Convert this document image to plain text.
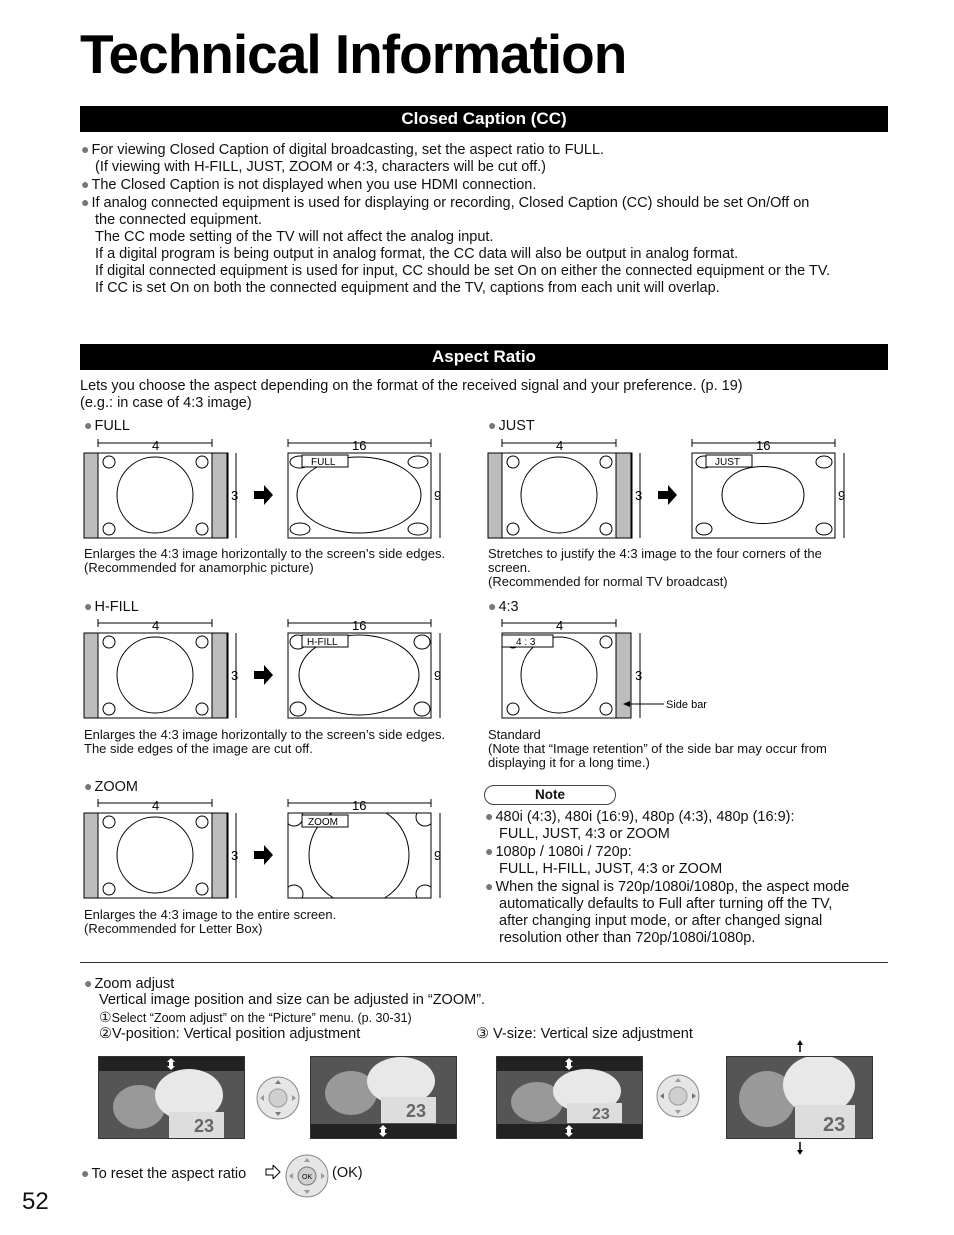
Technical Information
Closed Caption (CC)
● For viewing Closed Caption of digital broadcasting, set the aspect ratio to FULL.
(If viewing with H-FILL, JUST, ZOOM or 4:3, characters will be cut off.)
● The Closed Caption is not displayed when you use HDMI connection.
● If analog connected equipment is used for displaying or recording, Closed Caption (CC) should be set On/Off on
the connected equipment.
The CC mode setting of the TV will not affect the analog input.
If a digital program is being output in analog format, the CC data will also be output in analog format.
If digital connected equipment is used for input, CC should be set On on either the connected equipment or the TV.
If CC is set On on both the connected equipment and the TV, captions from each unit will overlap.
Aspect Ratio
Lets you choose the aspect depending on the format of the received signal and your preference. (p. 19)
(e.g.: in case of 4:3 image)
● FULL	● JUST
● H-FILL	● 4:3
● ZOOM
4
3
16
9
FULL
Enlarges the 4:3 image horizontally to the screen’s side edges.
(Recommended for anamorphic picture)
4
3
16
9
JUST
Stretches to justify the 4:3 image to the four corners of the
screen.
(Recommended for normal TV broadcast)
4
3
16
9
H-FILL
Enlarges the 4:3 image horizontally to the screen’s side edges.
The side edges of the image are cut off.
4
3
4 : 3
Side bar
Standard
(Note that “Image retention” of the side bar may occur from
displaying it for a long time.)
4
3
16
9
ZOOM
Enlarges the 4:3 image to the entire screen.
(Recommended for Letter Box)
Note
● 480i (4:3), 480i (16:9), 480p (4:3), 480p (16:9):
FULL, JUST, 4:3 or ZOOM
● 1080p / 1080i / 720p:
FULL, H-FILL, JUST, 4:3 or ZOOM
● When the signal is 720p/1080i/1080p, the aspect mode
automatically defaults to Full after turning off the TV,
after changing input mode, or after changed signal
resolution other than 720p/1080i/1080p.
● Zoom adjust
Vertical image position and size can be adjusted in “ZOOM”.
①Select “Zoom adjust” on the “Picture” menu. (p. 30-31)
②V-position: Vertical position adjustment	③ V-size: Vertical size adjustment
23
23	23	23
● To reset the aspect ratio	OK (OK)
52
